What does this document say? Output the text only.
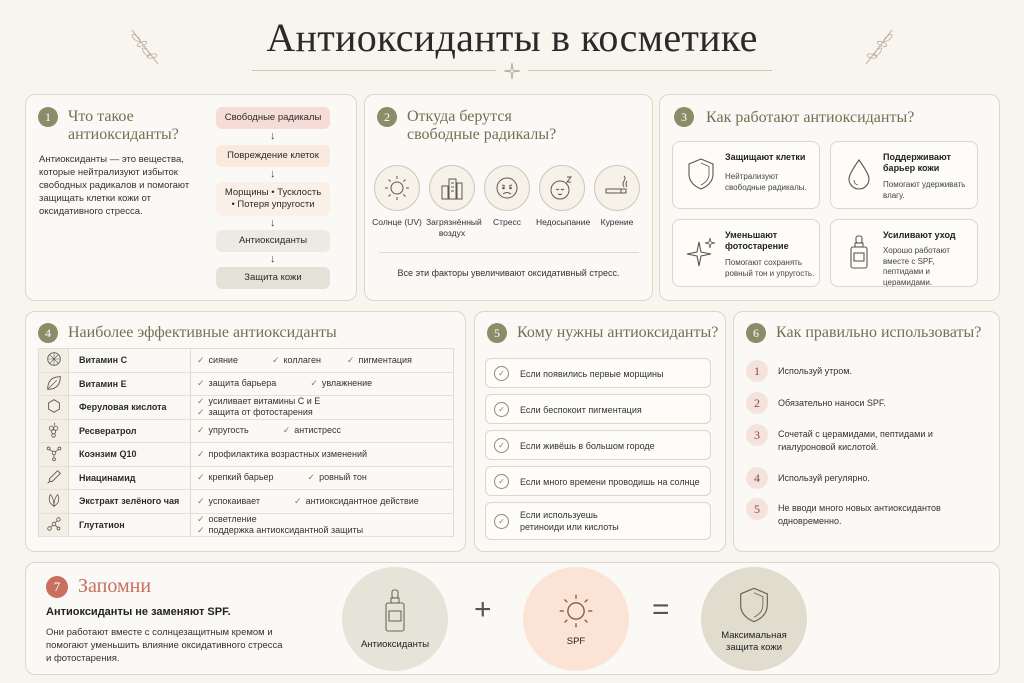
Антиоксиданты в косметике
1	Что такое
антиоксиданты?
Антиоксиданты — это вещества, которые нейтрализуют избыток свободных радикалов и помогают защищать клетки кожи от оксидативного стресса.
Свободные радикалы
↓
Повреждение клеток
↓
Морщины • Тусклость • Потеря упругости
↓
Антиоксиданты
↓
Защита кожи
2	Откуда берутся
свободные радикалы?
Солнце (UV) Загрязнённый воздух
Стресс	Недосыпание	Курение
Все эти факторы увеличивают оксидативный стресс.
3	Как работают антиоксиданты?
Защищают клетки
Нейтрализуют свободные радикалы.
Поддерживают барьер кожи
Помогают удерживать влагу.
Уменьшают фотостарение
Помогают сохранять ровный тон и упругость.
Усиливают уход
Хорошо работают вместе с SPF, пептидами и церамидами.
4	Наиболее эффективные антиоксиданты
	Витамин C	✓ сияние ✓ коллаген ✓ пигментация
	Витамин E	✓ защита барьера ✓ увлажнение
	Феруловая кислота	✓ усиливает витамины C и E✓ защита от фотостарения
	Ресвератрол	✓ упругость ✓ антистресс
	Коэнзим Q10	✓ профилактика возрастных изменений
	Ниацинамид	✓ крепкий барьер ✓ ровный тон
	Экстракт зелёного чая	✓ успокаивает ✓ антиоксидантное действие
	Глутатион	✓ осветление✓ поддержка антиоксидантной защиты
5	Кому нужны антиоксиданты?
✓	Если появились первые морщины
✓	Если беспокоит пигментация
✓	Если живёшь в большом городе
✓	Если много времени проводишь на солнце
✓
Если используешь ретиноиди или кислоты
6	Как правильно использоваты?
1	Используй утром.
2	Обязательно наноси SPF.
3	Сочетай с церамидами, пептидами и гиалуроновой кислотой.
4	Используй регулярно.
5	Не вводи много новых антиоксидантов одновременно.
7 Запомни
Антиоксиданты не заменяют SPF.
Они работают вместе с солнцезащитным кремом и помогают уменьшить влияние оксидативного стресса и фотостарения.
Антиоксиданты
+
SPF
=
Максимальная защита кожи
